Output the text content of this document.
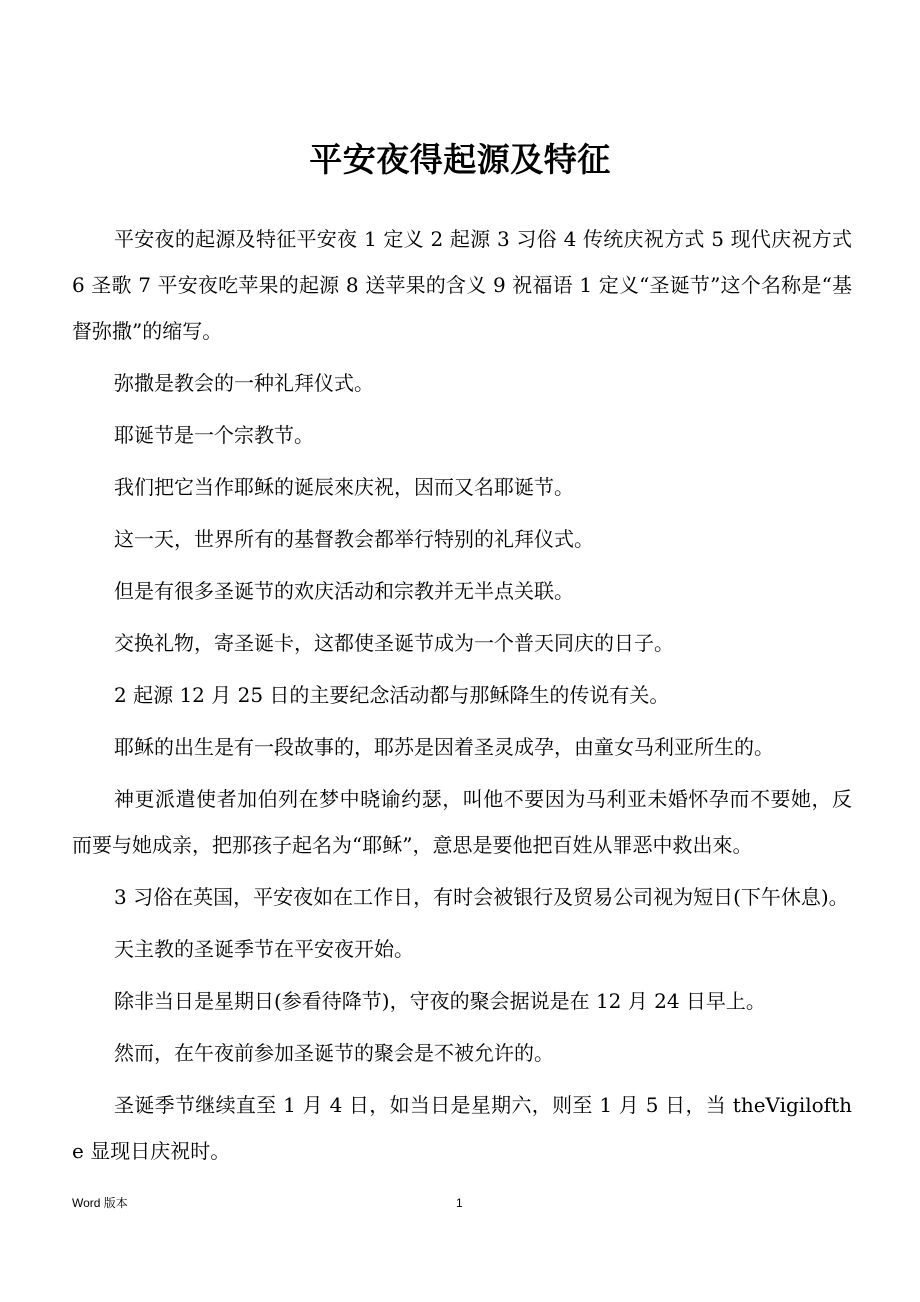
平安夜得起源及特征

平安夜的起源及特征平安夜 1 定义 2 起源 3 习俗 4 传统庆祝方式 5 现代庆祝方式 6 圣歌 7 平安夜吃苹果的起源 8 送苹果的含义 9 祝福语 1 定义“圣诞节”这个名称是“基督弥撒”的缩写。

弥撒是教会的一种礼拜仪式。

耶诞节是一个宗教节。

我们把它当作耶稣的诞辰來庆祝，因而又名耶诞节。

这一天，世界所有的基督教会都举行特别的礼拜仪式。

但是有很多圣诞节的欢庆活动和宗教并无半点关联。

交换礼物，寄圣诞卡，这都使圣诞节成为一个普天同庆的日子。

2 起源 12 月 25 日的主要纪念活动都与那稣降生的传说有关。

耶稣的出生是有一段故事的，耶苏是因着圣灵成孕，由童女马利亚所生的。

神更派遣使者加伯列在梦中晓谕约瑟，叫他不要因为马利亚未婚怀孕而不要她，反而要与她成亲，把那孩子起名为“耶稣”，意思是要他把百姓从罪恶中救出來。

3 习俗在英国，平安夜如在工作日，有时会被银行及贸易公司视为短日(下午休息)。

天主教的圣诞季节在平安夜开始。

除非当日是星期日(参看待降节)，守夜的聚会据说是在 12 月 24 日早上。

然而，在午夜前参加圣诞节的聚会是不被允许的。

圣诞季节继续直至 1 月 4 日，如当日是星期六，则至 1 月 5 日，当 theVigilofthe 显现日庆祝时。

Word 版本	1
